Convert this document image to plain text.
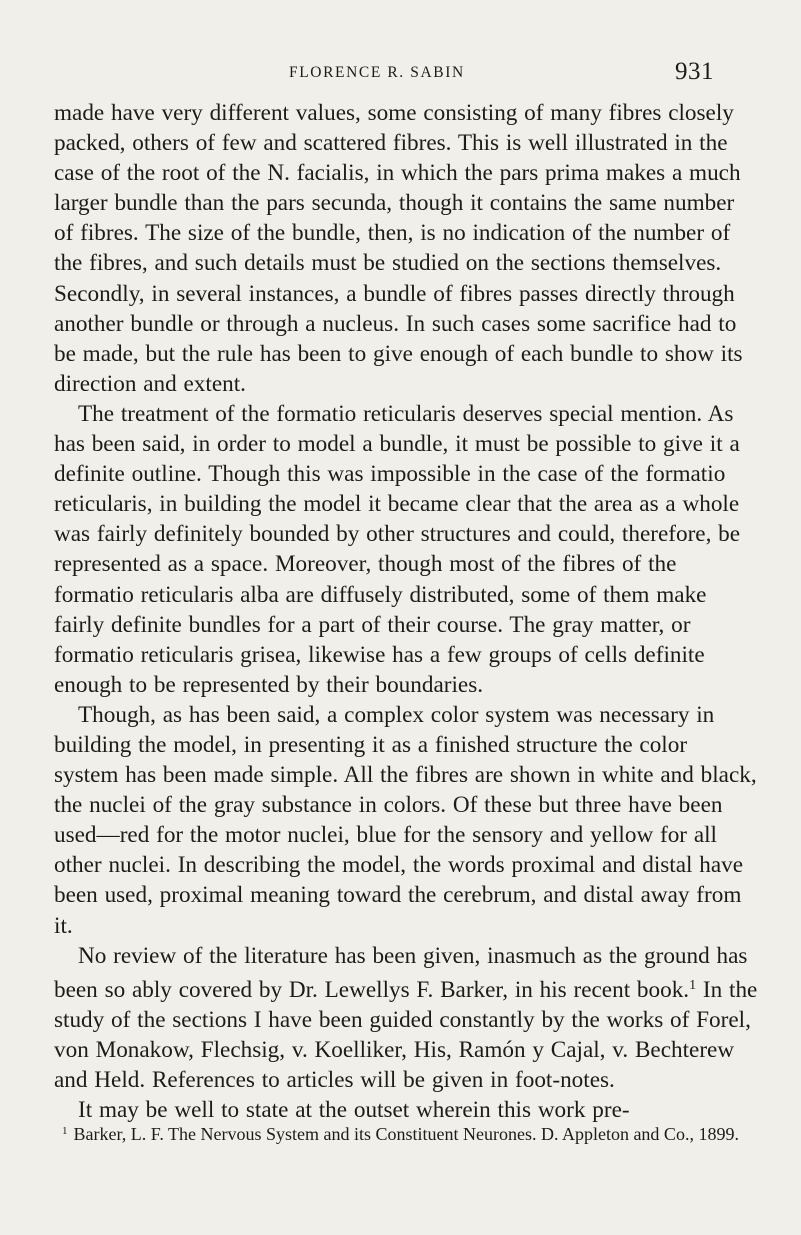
FLORENCE R. SABIN	931

made have very different values, some consisting of many fibres closely packed, others of few and scattered fibres. This is well illustrated in the case of the root of the N. facialis, in which the pars prima makes a much larger bundle than the pars secunda, though it contains the same number of fibres. The size of the bundle, then, is no indication of the number of the fibres, and such details must be studied on the sections themselves. Secondly, in several instances, a bundle of fibres passes directly through another bundle or through a nucleus. In such cases some sacrifice had to be made, but the rule has been to give enough of each bundle to show its direction and extent.

The treatment of the formatio reticularis deserves special mention. As has been said, in order to model a bundle, it must be possible to give it a definite outline. Though this was impossible in the case of the formatio reticularis, in building the model it became clear that the area as a whole was fairly definitely bounded by other structures and could, therefore, be represented as a space. Moreover, though most of the fibres of the formatio reticularis alba are diffusely distributed, some of them make fairly definite bundles for a part of their course. The gray matter, or formatio reticularis grisea, likewise has a few groups of cells definite enough to be represented by their boundaries.

Though, as has been said, a complex color system was necessary in building the model, in presenting it as a finished structure the color system has been made simple. All the fibres are shown in white and black, the nuclei of the gray substance in colors. Of these but three have been used—red for the motor nuclei, blue for the sensory and yellow for all other nuclei. In describing the model, the words proximal and distal have been used, proximal meaning toward the cerebrum, and distal away from it.

No review of the literature has been given, inasmuch as the ground has been so ably covered by Dr. Lewellys F. Barker, in his recent book.$^1$ In the study of the sections I have been guided constantly by the works of Forel, von Monakow, Flechsig, v. Koelliker, His, Ramón y Cajal, v. Bechterew and Held. References to articles will be given in foot-notes.

It may be well to state at the outset wherein this work pre-

$^1$ Barker, L. F. The Nervous System and its Constituent Neurones. D. Appleton and Co., 1899.
